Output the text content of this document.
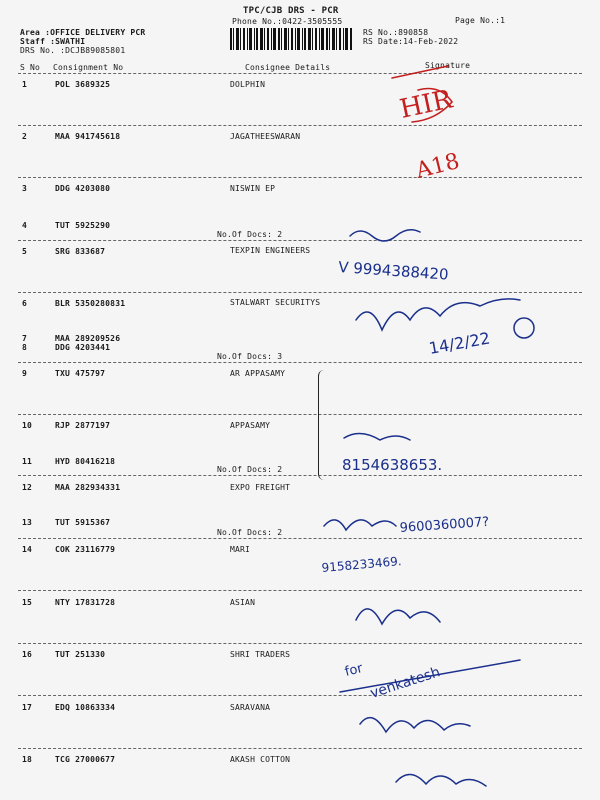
TPC/CJB DRS - PCR
Phone No.:0422-3505555	Page No.:1
Area :OFFICE DELIVERY PCR
Staff :SWATHI
DRS No. :DCJB89085801
RS No.:890858
RS Date:14-Feb-2022
S No Consignment No	Consignee Details	Signature
1	POL 3689325	DOLPHIN
2	MAA 941745618	JAGATHEESWARAN
3	DDG 4203080	NISWIN EP
4	TUT 5925290
No.Of Docs: 2
5	SRG 833687	TEXPIN ENGINEERS
6	BLR 5350280831	STALWART SECURITYS
7	MAA 289209526
8	DDG 4203441
No.Of Docs: 3
9	TXU 475797	AR APPASAMY
10	RJP 2877197	APPASAMY
11	HYD 80416218
No.Of Docs: 2
12	MAA 282934331	EXPO FREIGHT
13	TUT 5915367
No.Of Docs: 2
14	COK 23116779	MARI
15	NTY 17831728	ASIAN
16	TUT 251330	SHRI TRADERS
17	EDQ 10863334	SARAVANA
18	TCG 27000677	AKASH COTTON
HIR
A18
V 9994388420
14/2/22
8154638653.
9600360007?
9158233469.
for venkatesh
